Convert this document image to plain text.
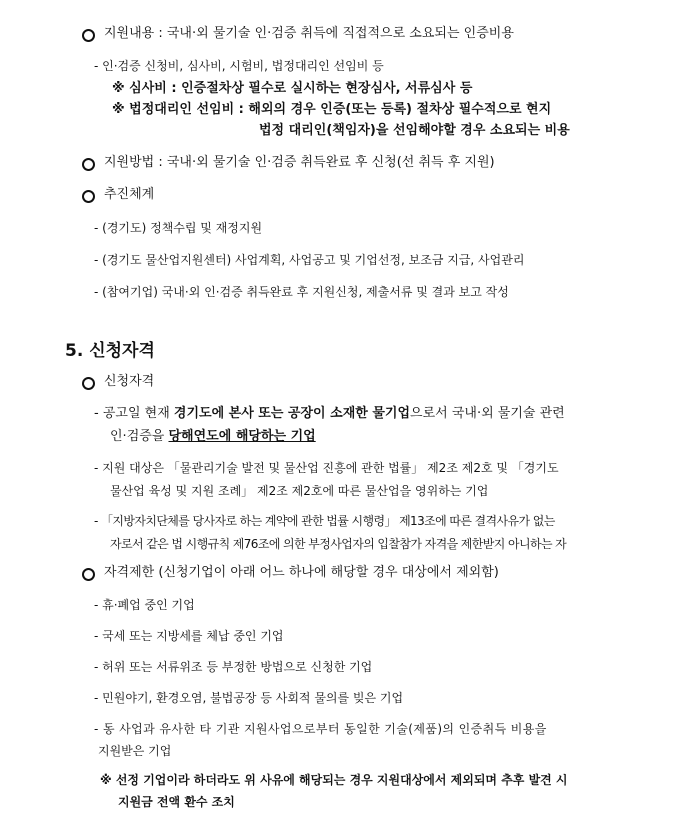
지원내용 : 국내·외 물기술 인·검증 취득에 직접적으로 소요되는 인증비용
- 인·검증 신청비, 심사비, 시험비, 법정대리인 선임비 등
※ 심사비 : 인증절차상 필수로 실시하는 현장심사, 서류심사 등
※ 법정대리인 선임비 : 해외의 경우 인증(또는 등록) 절차상 필수적으로 현지
법정 대리인(책임자)을 선임해야할 경우 소요되는 비용
지원방법 : 국내·외 물기술 인·검증 취득완료 후 신청(선 취득 후 지원)
추진체계
- (경기도) 정책수립 및 재정지원
- (경기도 물산업지원센터) 사업계획, 사업공고 및 기업선정, 보조금 지급, 사업관리
- (참여기업) 국내·외 인·검증 취득완료 후 지원신청, 제출서류 및 결과 보고 작성
5. 신청자격
신청자격
- 공고일 현재 경기도에 본사 또는 공장이 소재한 물기업으로서 국내·외 물기술 관련
인·검증을 당해연도에 해당하는 기업
- 지원 대상은 「물관리기술 발전 및 물산업 진흥에 관한 법률」 제2조 제2호 및 「경기도
물산업 육성 및 지원 조례」 제2조 제2호에 따른 물산업을 영위하는 기업
- 「지방자치단체를 당사자로 하는 계약에 관한 법률 시행령」 제13조에 따른 결격사유가 없는
자로서 같은 법 시행규칙 제76조에 의한 부정사업자의 입찰참가 자격을 제한받지 아니하는 자
자격제한 (신청기업이 아래 어느 하나에 해당할 경우 대상에서 제외함)
- 휴·폐업 중인 기업
- 국세 또는 지방세를 체납 중인 기업
- 허위 또는 서류위조 등 부정한 방법으로 신청한 기업
- 민원야기, 환경오염, 불법공장 등 사회적 물의를 빚은 기업
- 동 사업과 유사한 타 기관 지원사업으로부터 동일한 기술(제품)의 인증취득 비용을
지원받은 기업
※ 선정 기업이라 하더라도 위 사유에 해당되는 경우 지원대상에서 제외되며 추후 발견 시
지원금 전액 환수 조치
